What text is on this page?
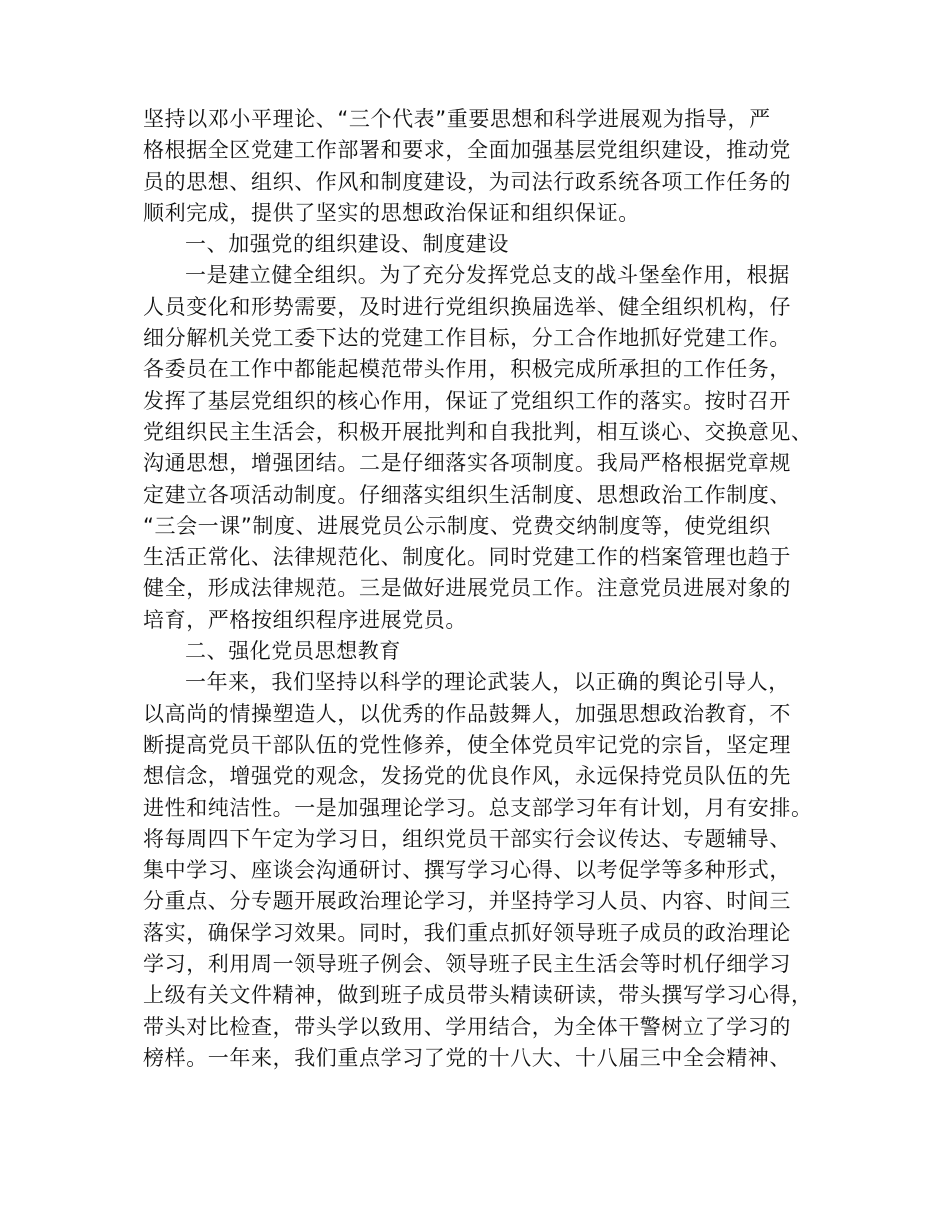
坚持以邓小平理论、“三个代表”重要思想和科学进展观为指导，严
格根据全区党建工作部署和要求，全面加强基层党组织建设，推动党
员的思想、组织、作风和制度建设，为司法行政系统各项工作任务的
顺利完成，提供了坚实的思想政治保证和组织保证。
一、加强党的组织建设、制度建设
一是建立健全组织。为了充分发挥党总支的战斗堡垒作用，根据
人员变化和形势需要，及时进行党组织换届选举、健全组织机构，仔
细分解机关党工委下达的党建工作目标，分工合作地抓好党建工作。
各委员在工作中都能起模范带头作用，积极完成所承担的工作任务，
发挥了基层党组织的核心作用，保证了党组织工作的落实。按时召开
党组织民主生活会，积极开展批判和自我批判，相互谈心、交换意见、
沟通思想，增强团结。二是仔细落实各项制度。我局严格根据党章规
定建立各项活动制度。仔细落实组织生活制度、思想政治工作制度、
“三会一课”制度、进展党员公示制度、党费交纳制度等，使党组织
生活正常化、法律规范化、制度化。同时党建工作的档案管理也趋于
健全，形成法律规范。三是做好进展党员工作。注意党员进展对象的
培育，严格按组织程序进展党员。
二、强化党员思想教育
一年来，我们坚持以科学的理论武装人，以正确的舆论引导人，
以高尚的情操塑造人，以优秀的作品鼓舞人，加强思想政治教育，不
断提高党员干部队伍的党性修养，使全体党员牢记党的宗旨，坚定理
想信念，增强党的观念，发扬党的优良作风，永远保持党员队伍的先
进性和纯洁性。一是加强理论学习。总支部学习年有计划，月有安排。
将每周四下午定为学习日，组织党员干部实行会议传达、专题辅导、
集中学习、座谈会沟通研讨、撰写学习心得、以考促学等多种形式，
分重点、分专题开展政治理论学习，并坚持学习人员、内容、时间三
落实，确保学习效果。同时，我们重点抓好领导班子成员的政治理论
学习，利用周一领导班子例会、领导班子民主生活会等时机仔细学习
上级有关文件精神，做到班子成员带头精读研读，带头撰写学习心得，
带头对比检查，带头学以致用、学用结合，为全体干警树立了学习的
榜样。一年来，我们重点学习了党的十八大、十八届三中全会精神、
